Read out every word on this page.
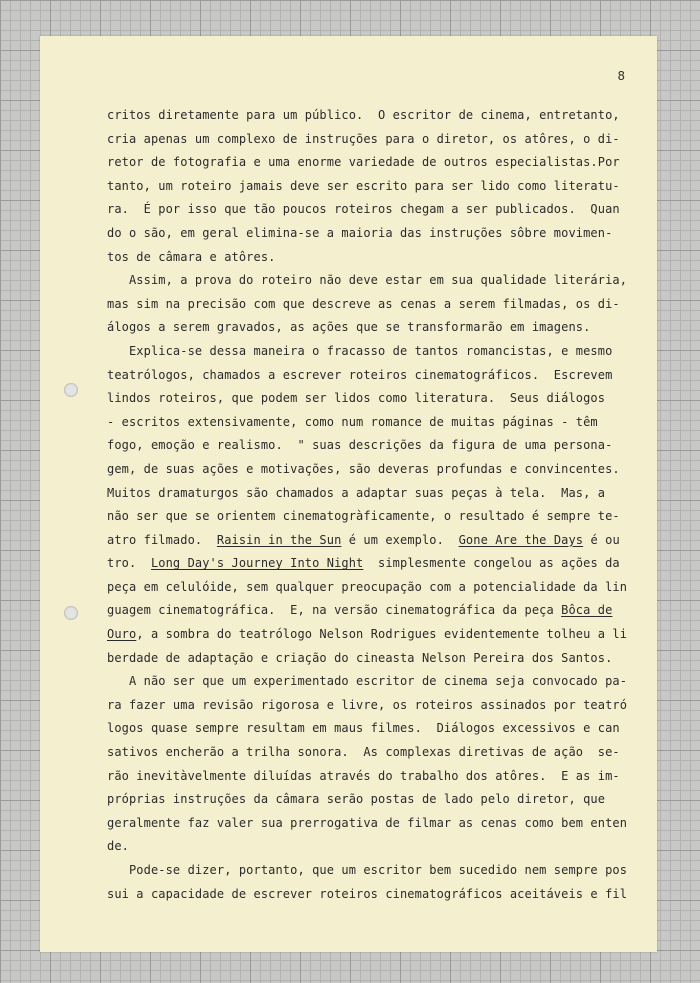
8
critos diretamente para um público.  O escritor de cinema, entretanto,
cria apenas um complexo de instruções para o diretor, os atôres, o di-
retor de fotografia e uma enorme variedade de outros especialistas.Por
tanto, um roteiro jamais deve ser escrito para ser lido como literatu-
ra.  É por isso que tão poucos roteiros chegam a ser publicados.  Quan
do o são, em geral elimina-se a maioria das instruções sôbre movimen-
tos de câmara e atôres.
Assim, a prova do roteiro não deve estar em sua qualidade literária,
mas sim na precisão com que descreve as cenas a serem filmadas, os di-
álogos a serem gravados, as ações que se transformarão em imagens.
Explica-se dessa maneira o fracasso de tantos romancistas, e mesmo
teatrólogos, chamados a escrever roteiros cinematográficos.  Escrevem
lindos roteiros, que podem ser lidos como literatura.  Seus diálogos
- escritos extensivamente, como num romance de muitas páginas - têm
fogo, emoção e realismo.  " suas descrições da figura de uma persona-
gem, de suas ações e motivações, são deveras profundas e convincentes.
Muitos dramaturgos são chamados a adaptar suas peças à tela.  Mas, a
não ser que se orientem cinematogràficamente, o resultado é sempre te-
atro filmado.  Raisin in the Sun é um exemplo.  Gone Are the Days é ou
tro.  Long Day's Journey Into Night  simplesmente congelou as ações da
peça em celulóide, sem qualquer preocupação com a potencialidade da lin
guagem cinematográfica.  E, na versão cinematográfica da peça Bôca de
Ouro, a sombra do teatrólogo Nelson Rodrigues evidentemente tolheu a li
berdade de adaptação e criação do cineasta Nelson Pereira dos Santos.
A não ser que um experimentado escritor de cinema seja convocado pa-
ra fazer uma revisão rigorosa e livre, os roteiros assinados por teatró
logos quase sempre resultam em maus filmes.  Diálogos excessivos e can
sativos encherão a trilha sonora.  As complexas diretivas de ação  se-
rão inevitàvelmente diluídas através do trabalho dos atôres.  E as im-
próprias instruções da câmara serão postas de lado pelo diretor, que
geralmente faz valer sua prerrogativa de filmar as cenas como bem enten
de.
Pode-se dizer, portanto, que um escritor bem sucedido nem sempre pos
sui a capacidade de escrever roteiros cinematográficos aceitáveis e fil
